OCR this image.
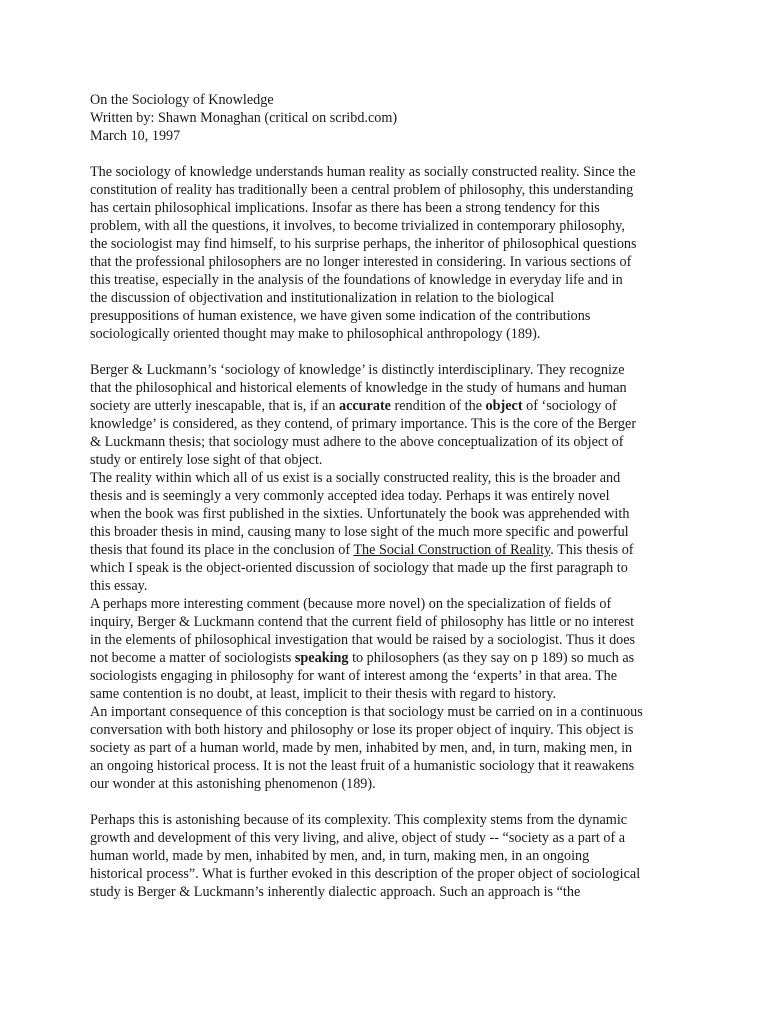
On the Sociology of Knowledge
Written by: Shawn Monaghan (critical on scribd.com)
March 10, 1997
The sociology of knowledge understands human reality as socially constructed reality. Since the
constitution of reality has traditionally been a central problem of philosophy, this understanding
has certain philosophical implications. Insofar as there has been a strong tendency for this
problem, with all the questions, it involves, to become trivialized in contemporary philosophy,
the sociologist may find himself, to his surprise perhaps, the inheritor of philosophical questions
that the professional philosophers are no longer interested in considering. In various sections of
this treatise, especially in the analysis of the foundations of knowledge in everyday life and in
the discussion of objectivation and institutionalization in relation to the biological
presuppositions of human existence, we have given some indication of the contributions
sociologically oriented thought may make to philosophical anthropology (189).
Berger & Luckmann’s ‘sociology of knowledge’ is distinctly interdisciplinary. They recognize
that the philosophical and historical elements of knowledge in the study of humans and human
society are utterly inescapable, that is, if an accurate rendition of the object of ‘sociology of
knowledge’ is considered, as they contend, of primary importance. This is the core of the Berger
& Luckmann thesis; that sociology must adhere to the above conceptualization of its object of
study or entirely lose sight of that object.
The reality within which all of us exist is a socially constructed reality, this is the broader and
thesis and is seemingly a very commonly accepted idea today. Perhaps it was entirely novel
when the book was first published in the sixties. Unfortunately the book was apprehended with
this broader thesis in mind, causing many to lose sight of the much more specific and powerful
thesis that found its place in the conclusion of The Social Construction of Reality. This thesis of
which I speak is the object-oriented discussion of sociology that made up the first paragraph to
this essay.
A perhaps more interesting comment (because more novel) on the specialization of fields of
inquiry, Berger & Luckmann contend that the current field of philosophy has little or no interest
in the elements of philosophical investigation that would be raised by a sociologist. Thus it does
not become a matter of sociologists speaking to philosophers (as they say on p 189) so much as
sociologists engaging in philosophy for want of interest among the ‘experts’ in that area. The
same contention is no doubt, at least, implicit to their thesis with regard to history.
An important consequence of this conception is that sociology must be carried on in a continuous
conversation with both history and philosophy or lose its proper object of inquiry. This object is
society as part of a human world, made by men, inhabited by men, and, in turn, making men, in
an ongoing historical process. It is not the least fruit of a humanistic sociology that it reawakens
our wonder at this astonishing phenomenon (189).
Perhaps this is astonishing because of its complexity. This complexity stems from the dynamic
growth and development of this very living, and alive, object of study -- “society as a part of a
human world, made by men, inhabited by men, and, in turn, making men, in an ongoing
historical process”. What is further evoked in this description of the proper object of sociological
study is Berger & Luckmann’s inherently dialectic approach. Such an approach is “the
